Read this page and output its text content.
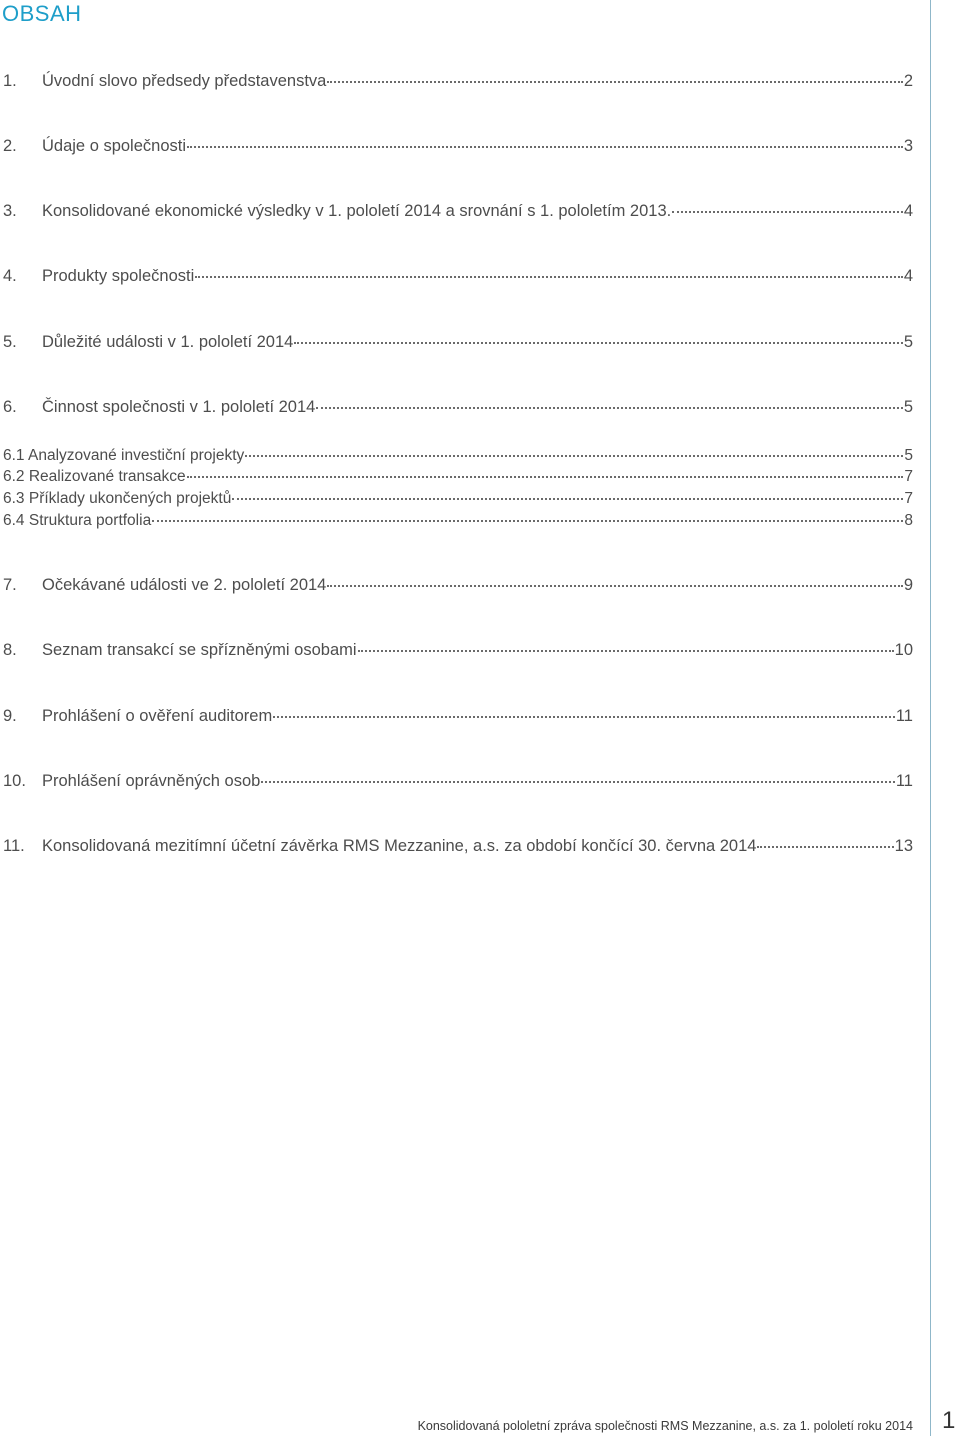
OBSAH
1.	Úvodní slovo předsedy představenstva	2
2.	Údaje o společnosti	3
3.	Konsolidované ekonomické výsledky v 1. pololetí 2014 a srovnání s 1. pololetím 2013.	4
4.	Produkty společnosti	4
5.	Důležité události v 1. pololetí 2014	5
6.	Činnost společnosti v 1. pololetí 2014	5
6.1 Analyzované investiční projekty	5
6.2 Realizované transakce	7
6.3 Příklady ukončených projektů	7
6.4 Struktura portfolia	8
7.	Očekávané události ve 2. pololetí 2014	9
8.	Seznam transakcí se spřízněnými osobami	10
9.	Prohlášení o ověření auditorem	11
10. Prohlášení oprávněných osob	11
11.	Konsolidovaná mezitímní účetní závěrka RMS Mezzanine, a.s. za období končící 30. června 2014	13
Konsolidovaná pololetní zpráva společnosti RMS Mezzanine, a.s. za 1. pololetí roku 2014 1
